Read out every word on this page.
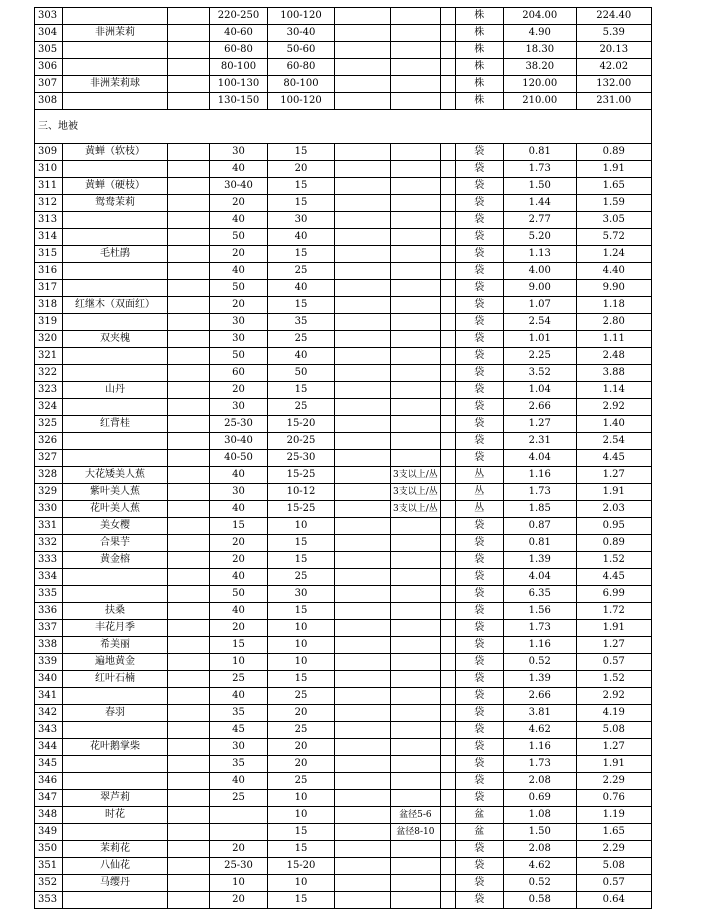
303			220-250	100-120				株	204.00	224.40
304	非洲茉莉		40-60	30-40				株	4.90	5.39
305			60-80	50-60				株	18.30	20.13
306			80-100	60-80				株	38.20	42.02
307	非洲茉莉球		100-130	80-100				株	120.00	132.00
308			130-150	100-120				株	210.00	231.00
三、地被										
309	黄蝉（软枝）		30	15				袋	0.81	0.89
310			40	20				袋	1.73	1.91
311	黄蝉（硬枝）		30-40	15				袋	1.50	1.65
312	鸳鸯茉莉		20	15				袋	1.44	1.59
313			40	30				袋	2.77	3.05
314			50	40				袋	5.20	5.72
315	毛杜鹃		20	15				袋	1.13	1.24
316			40	25				袋	4.00	4.40
317			50	40				袋	9.00	9.90
318	红继木（双面红）		20	15				袋	1.07	1.18
319			30	35				袋	2.54	2.80
320	双夹槐		30	25				袋	1.01	1.11
321			50	40				袋	2.25	2.48
322			60	50				袋	3.52	3.88
323	山丹		20	15				袋	1.04	1.14
324			30	25				袋	2.66	2.92
325	红背桂		25-30	15-20				袋	1.27	1.40
326			30-40	20-25				袋	2.31	2.54
327			40-50	25-30				袋	4.04	4.45
328	大花矮美人蕉		40	15-25		3支以上/丛		丛	1.16	1.27
329	紫叶美人蕉		30	10-12		3支以上/丛		丛	1.73	1.91
330	花叶美人蕉		40	15-25		3支以上/丛		丛	1.85	2.03
331	美女樱		15	10				袋	0.87	0.95
332	合果芋		20	15				袋	0.81	0.89
333	黄金榕		20	15				袋	1.39	1.52
334			40	25				袋	4.04	4.45
335			50	30				袋	6.35	6.99
336	扶桑		40	15				袋	1.56	1.72
337	丰花月季		20	10				袋	1.73	1.91
338	希美丽		15	10				袋	1.16	1.27
339	遍地黄金		10	10				袋	0.52	0.57
340	红叶石楠		25	15				袋	1.39	1.52
341			40	25				袋	2.66	2.92
342	春羽		35	20				袋	3.81	4.19
343			45	25				袋	4.62	5.08
344	花叶鹅掌柴		30	20				袋	1.16	1.27
345			35	20				袋	1.73	1.91
346			40	25				袋	2.08	2.29
347	翠芦莉		25	10				袋	0.69	0.76
348	时花			10		盆径5-6		盆	1.08	1.19
349				15		盆径8-10		盆	1.50	1.65
350	茉莉花		20	15				袋	2.08	2.29
351	八仙花		25-30	15-20				袋	4.62	5.08
352	马缨丹		10	10				袋	0.52	0.57
353			20	15				袋	0.58	0.64
